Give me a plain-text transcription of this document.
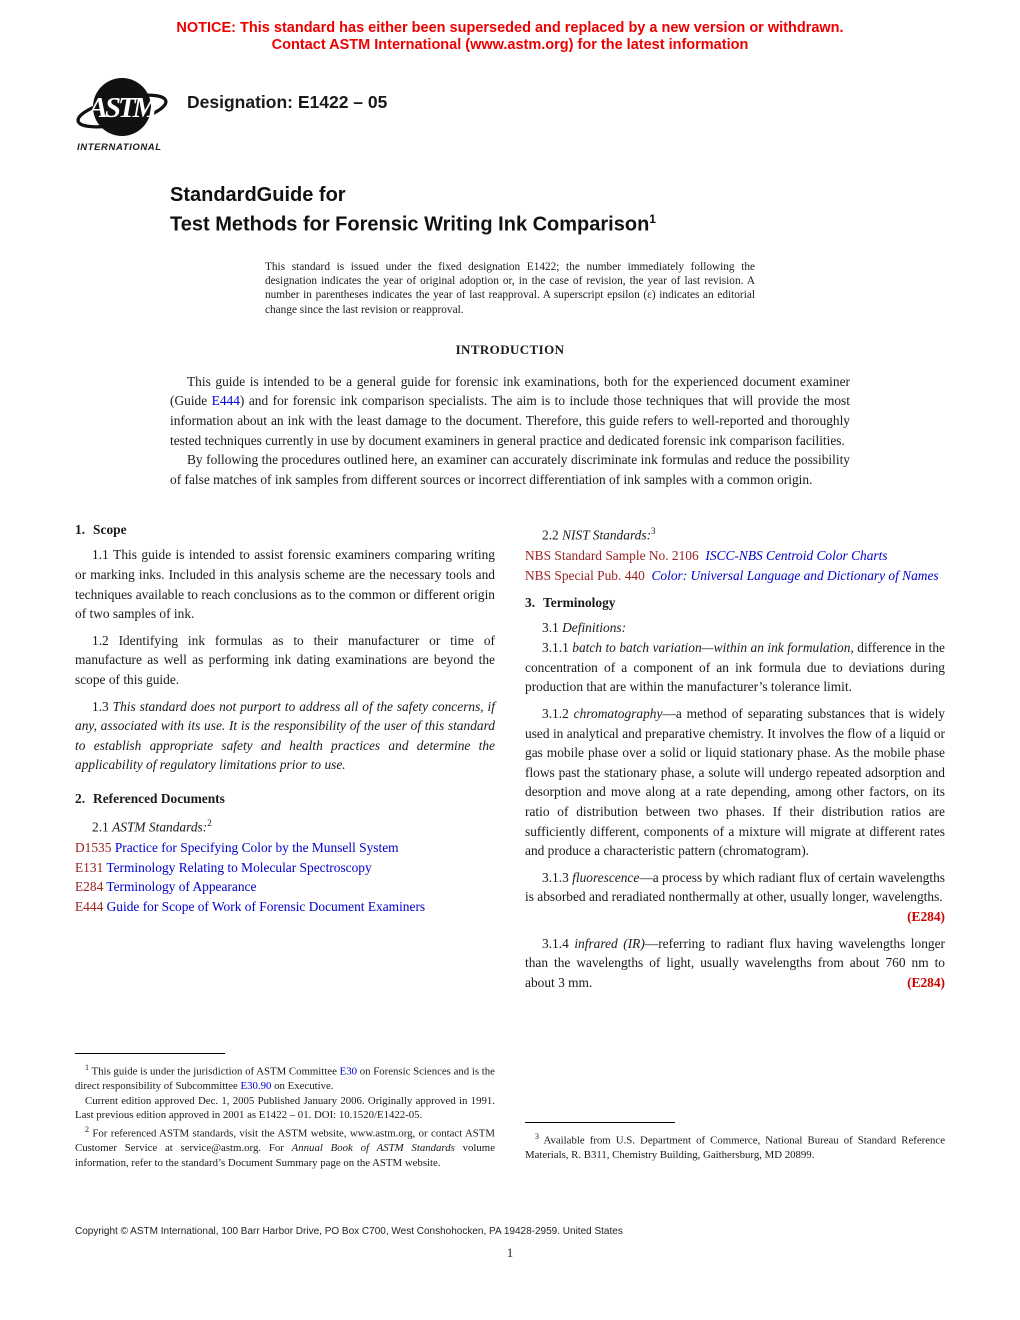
NOTICE: This standard has either been superseded and replaced by a new version or withdrawn.
Contact ASTM International (www.astm.org) for the latest information
ASTM
INTERNATIONAL
Designation: E1422 – 05
StandardGuide for
Test Methods for Forensic Writing Ink Comparison$^1$

This standard is issued under the fixed designation E1422; the number immediately following the designation indicates the year of original adoption or, in the case of revision, the year of last revision. A number in parentheses indicates the year of last reapproval. A superscript epsilon (ε) indicates an editorial change since the last revision or reapproval.

INTRODUCTION

This guide is intended to be a general guide for forensic ink examinations, both for the experienced document examiner (Guide E444) and for forensic ink comparison specialists. The aim is to include those techniques that will provide the most information about an ink with the least damage to the document. Therefore, this guide refers to well-reported and thoroughly tested techniques currently in use by document examiners in general practice and dedicated forensic ink comparison facilities.

By following the procedures outlined here, an examiner can accurately discriminate ink formulas and reduce the possibility of false matches of ink samples from different sources or incorrect differentiation of ink samples with a common origin.

1. Scope

1.1 This guide is intended to assist forensic examiners comparing writing or marking inks. Included in this analysis scheme are the necessary tools and techniques available to reach conclusions as to the common or different origin of two samples of ink.

1.2 Identifying ink formulas as to their manufacturer or time of manufacture as well as performing ink dating examinations are beyond the scope of this guide.

1.3 This standard does not purport to address all of the safety concerns, if any, associated with its use. It is the responsibility of the user of this standard to establish appropriate safety and health practices and determine the applicability of regulatory limitations prior to use.

2. Referenced Documents
2.1 ASTM Standards:$^2$
D1535 Practice for Specifying Color by the Munsell System
E131 Terminology Relating to Molecular Spectroscopy
E284 Terminology of Appearance
E444 Guide for Scope of Work of Forensic Document Examiners

$^1$ This guide is under the jurisdiction of ASTM Committee E30 on Forensic Sciences and is the direct responsibility of Subcommittee E30.90 on Executive.

Current edition approved Dec. 1, 2005 Published January 2006. Originally approved in 1991. Last previous edition approved in 2001 as E1422 – 01. DOI: 10.1520/E1422-05.

$^2$ For referenced ASTM standards, visit the ASTM website, www.astm.org, or contact ASTM Customer Service at service@astm.org. For Annual Book of ASTM Standards volume information, refer to the standard’s Document Summary page on the ASTM website.

2.2 NIST Standards:$^3$
NBS Standard Sample No. 2106 ISCC-NBS Centroid Color Charts
NBS Special Pub. 440 Color: Universal Language and Dictionary of Names
3. Terminology
3.1 Definitions:

3.1.1 batch to batch variation—within an ink formulation, difference in the concentration of a component of an ink formula due to deviations during production that are within the manufacturer’s tolerance limit.

3.1.2 chromatography—a method of separating substances that is widely used in analytical and preparative chemistry. It involves the flow of a liquid or gas mobile phase over a solid or liquid stationary phase. As the mobile phase flows past the stationary phase, a solute will undergo repeated adsorption and desorption and move along at a rate depending, among other factors, on its ratio of distribution between two phases. If their distribution ratios are sufficiently different, components of a mixture will migrate at different rates and produce a characteristic pattern (chromatogram).

3.1.3 fluorescence—a process by which radiant flux of certain wavelengths is absorbed and reradiated nonthermally at other, usually longer, wavelengths.
(E284)

3.1.4 infrared (IR)—referring to radiant flux having wavelengths longer than the wavelengths of light, usually wavelengths from about 760 nm to about 3 mm.	(E284)

$^3$ Available from U.S. Department of Commerce, National Bureau of Standard Reference Materials, R. B311, Chemistry Building, Gaithersburg, MD 20899.

Copyright © ASTM International, 100 Barr Harbor Drive, PO Box C700, West Conshohocken, PA 19428-2959. United States
1
